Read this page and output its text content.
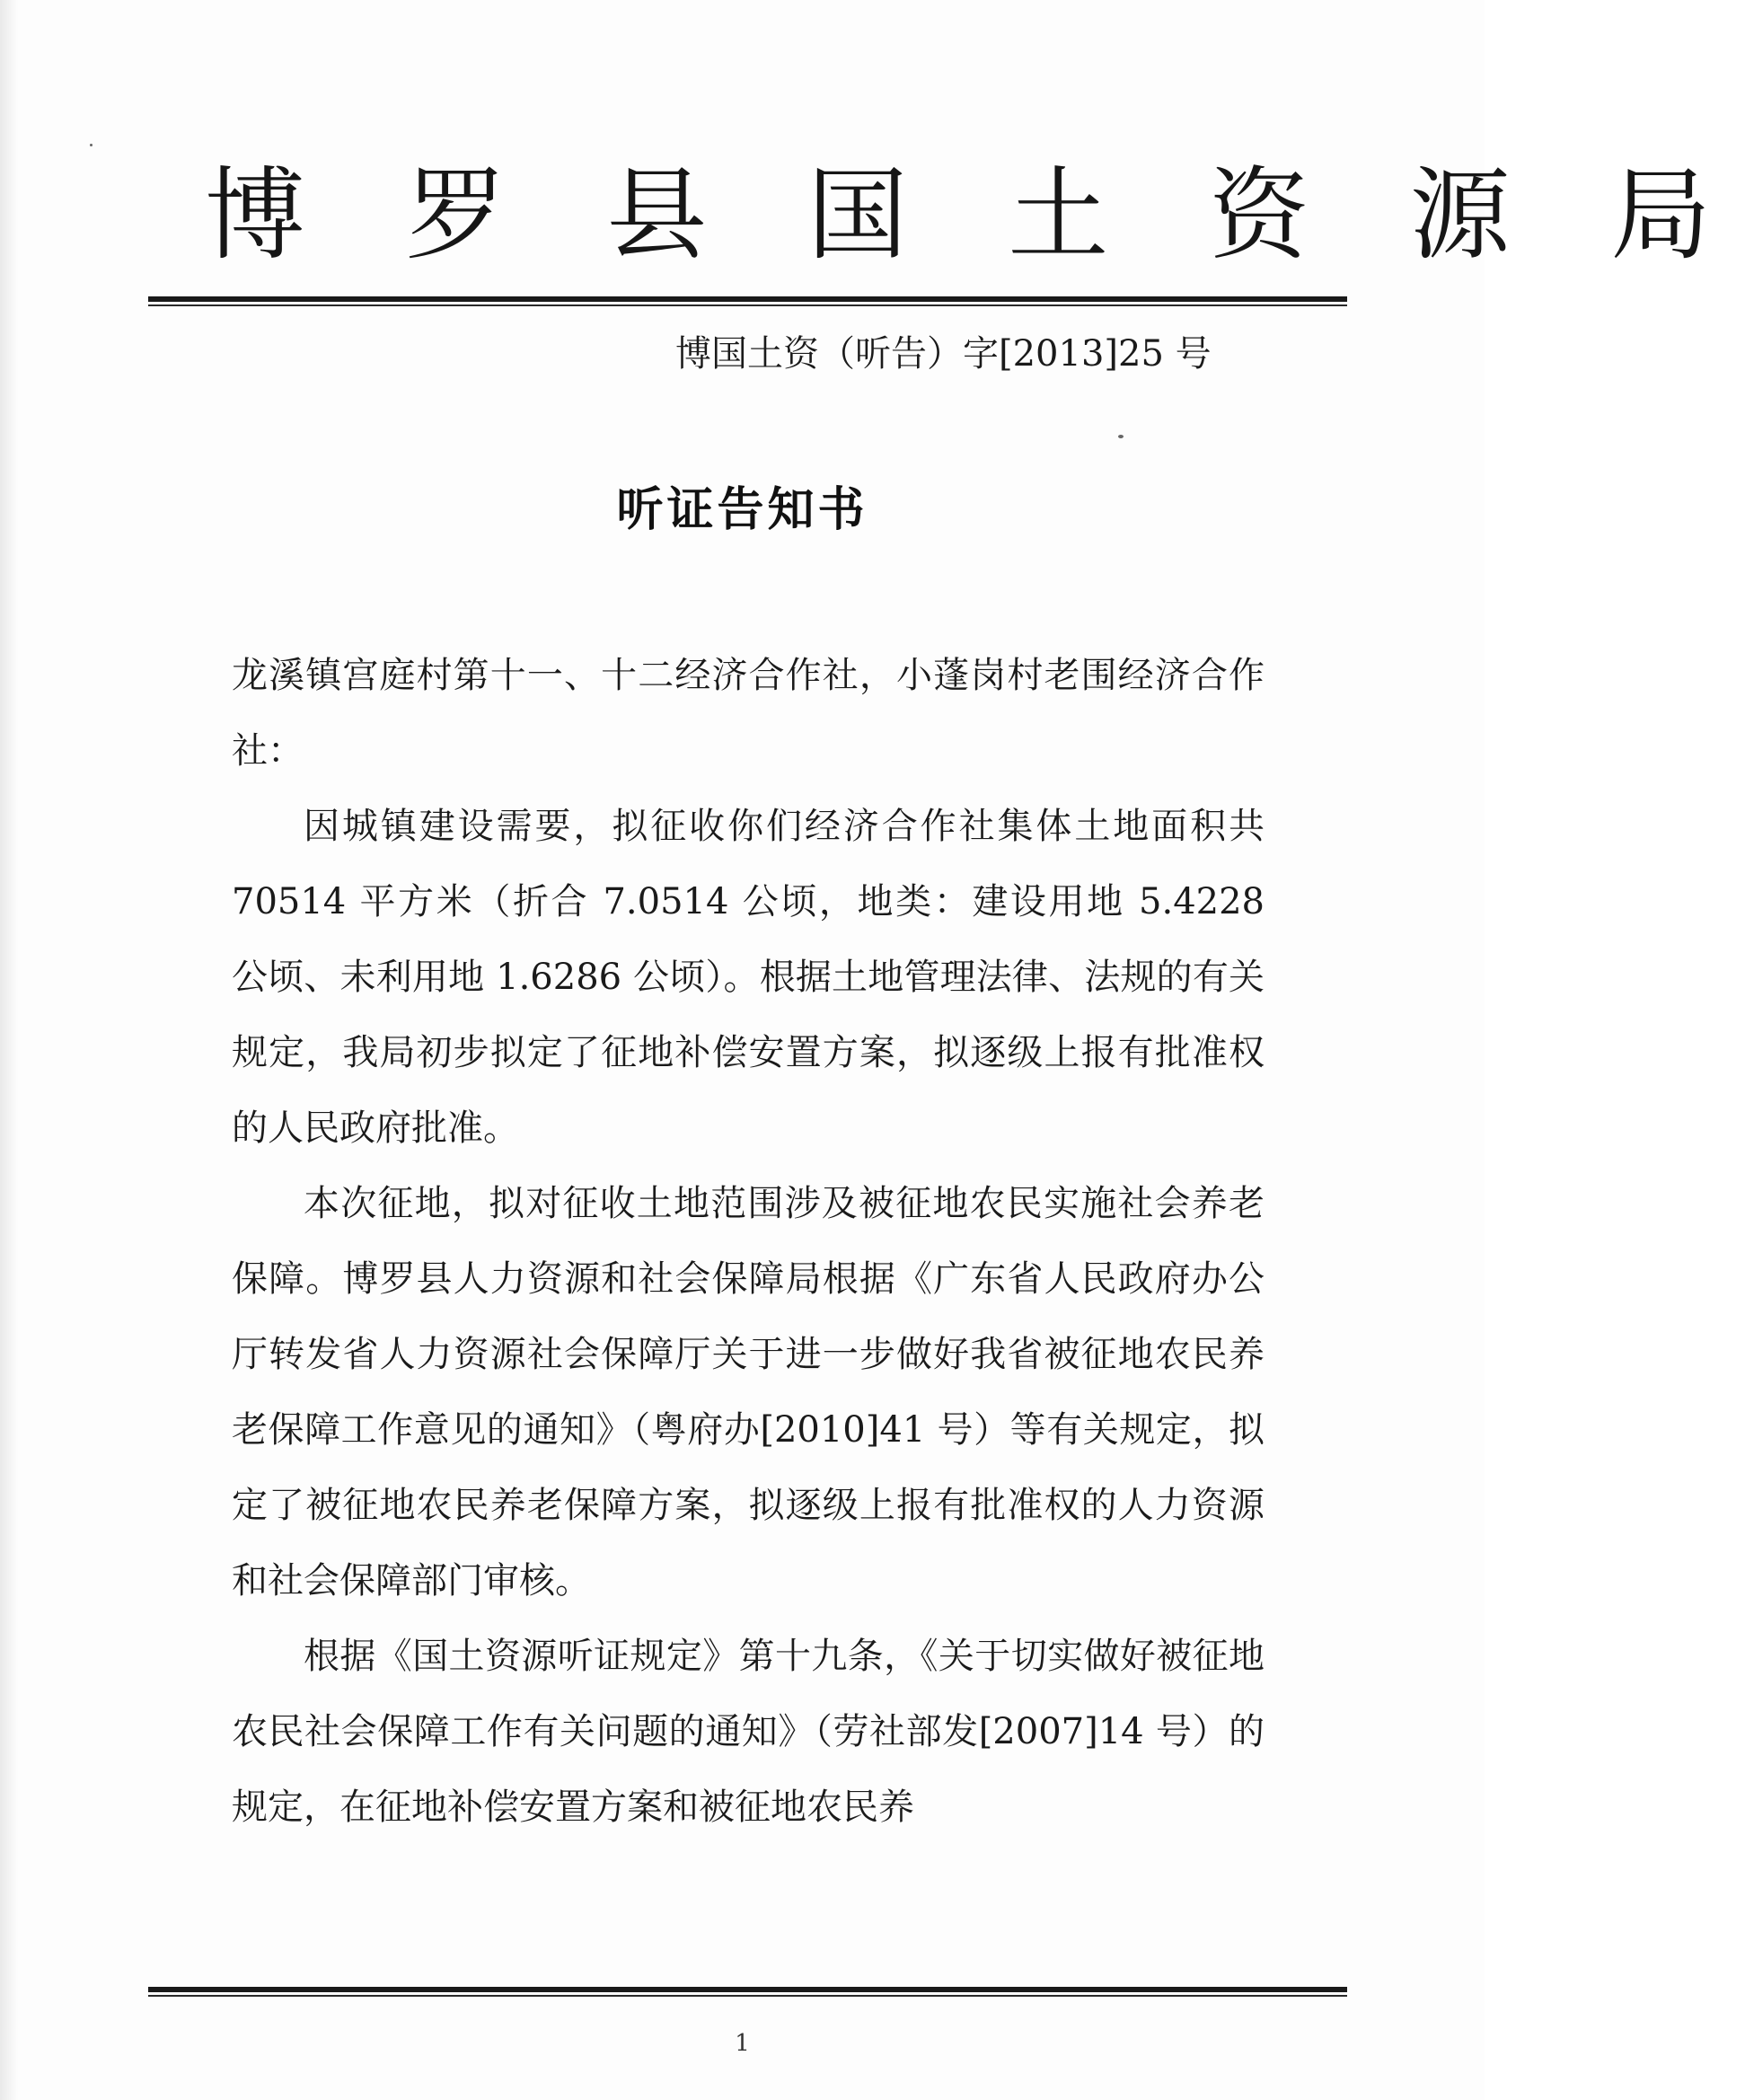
博 罗 县 国 土 资 源 局
博国土资（听告）字[2013]25 号
听证告知书

龙溪镇宫庭村第十一、十二经济合作社，小蓬岗村老围经济合作社：

因城镇建设需要，拟征收你们经济合作社集体土地面积共 70514 平方米（折合 7.0514 公顷，地类：建设用地 5.4228 公顷、未利用地 1.6286 公顷）。根据土地管理法律、法规的有关规定，我局初步拟定了征地补偿安置方案，拟逐级上报有批准权的人民政府批准。

本次征地，拟对征收土地范围涉及被征地农民实施社会养老保障。博罗县人力资源和社会保障局根据《广东省人民政府办公厅转发省人力资源社会保障厅关于进一步做好我省被征地农民养老保障工作意见的通知》（粤府办[2010]41 号）等有关规定，拟定了被征地农民养老保障方案，拟逐级上报有批准权的人力资源和社会保障部门审核。

根据《国土资源听证规定》第十九条，《关于切实做好被征地农民社会保障工作有关问题的通知》（劳社部发[2007]14 号）的规定，在征地补偿安置方案和被征地农民养

1
